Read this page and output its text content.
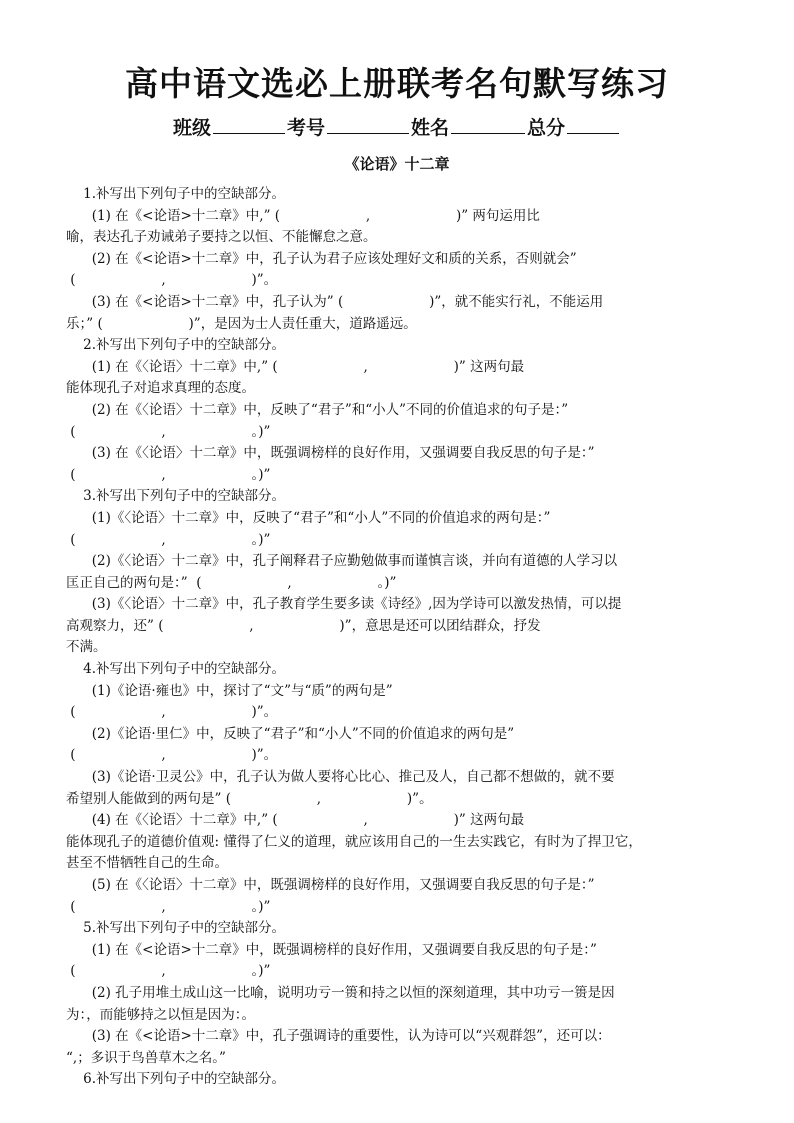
高中语文选必上册联考名句默写练习
班级	考号	姓名	总分
《论语》十二章
1.补写出下列句子中的空缺部分。
(1) 在《<论语>十二章》中,” (                    ,                    )” 两句运用比
喻，表达孔子劝诫弟子要持之以恒、不能懈怠之意。
(2) 在《<论语>十二章》中，孔子认为君子应该处理好文和质的关系，否则就会”
(                    ,                    )”。
(3) 在《<论语>十二章》中，孔子认为” (                    )”，就不能实行礼，不能运用
乐；” (                    )”，是因为士人责任重大，道路遥远。
2.补写出下列句子中的空缺部分。
(1) 在《〈论语〉十二章》中,” (                    ,                    )” 这两句最
能体现孔子对追求真理的态度。
(2) 在《〈论语〉十二章》中，反映了“君子”和“小人”不同的价值追求的句子是：”
(                    ,                    。)”
(3) 在《〈论语〉十二章》中，既强调榜样的良好作用，又强调要自我反思的句子是：”
(                    ,                    。)”
3.补写出下列句子中的空缺部分。
(1)《〈论语〉十二章》中，反映了“君子”和“小人”不同的价值追求的两句是：”
(                    ,                    。)”
(2)《〈论语〉十二章》中，孔子阐释君子应勤勉做事而谨慎言谈，并向有道德的人学习以
匡正自己的两句是：”  (                    ,                    。)”
(3)《〈论语〉十二章》中，孔子教育学生要多读《诗经》,因为学诗可以激发热情，可以提
高观察力，还” (                    ,                    )”，意思是还可以团结群众，抒发
不满。
4.补写出下列句子中的空缺部分。
(1)《论语·雍也》中，探讨了“文”与“质”的两句是”
(                    ,                    )”。
(2)《论语·里仁》中，反映了“君子”和“小人”不同的价值追求的两句是”
(                    ,                    )”。
(3)《论语·卫灵公》中，孔子认为做人要将心比心、推己及人，自己都不想做的，就不要
希望别人能做到的两句是” (                    ,                    )”。
(4) 在《〈论语〉十二章》中,” (                    ,                    )” 这两句最
能体现孔子的道德价值观: 懂得了仁义的道理，就应该用自己的一生去实践它，有时为了捍卫它，
甚至不惜牺牲自己的生命。
(5) 在《〈论语〉十二章》中，既强调榜样的良好作用，又强调要自我反思的句子是：”
(                    ,                    。)”
5.补写出下列句子中的空缺部分。
(1) 在《<论语>十二章》中，既强调榜样的良好作用，又强调要自我反思的句子是：”
(                    ,                    。)”
(2) 孔子用堆土成山这一比喻，说明功亏一篑和持之以恒的深刻道理，其中功亏一篑是因
为：，而能够持之以恒是因为：。
(3) 在《<论语>十二章》中，孔子强调诗的重要性，认为诗可以“兴观群怨”，还可以：
“,；多识于鸟兽草木之名。”
6.补写出下列句子中的空缺部分。
